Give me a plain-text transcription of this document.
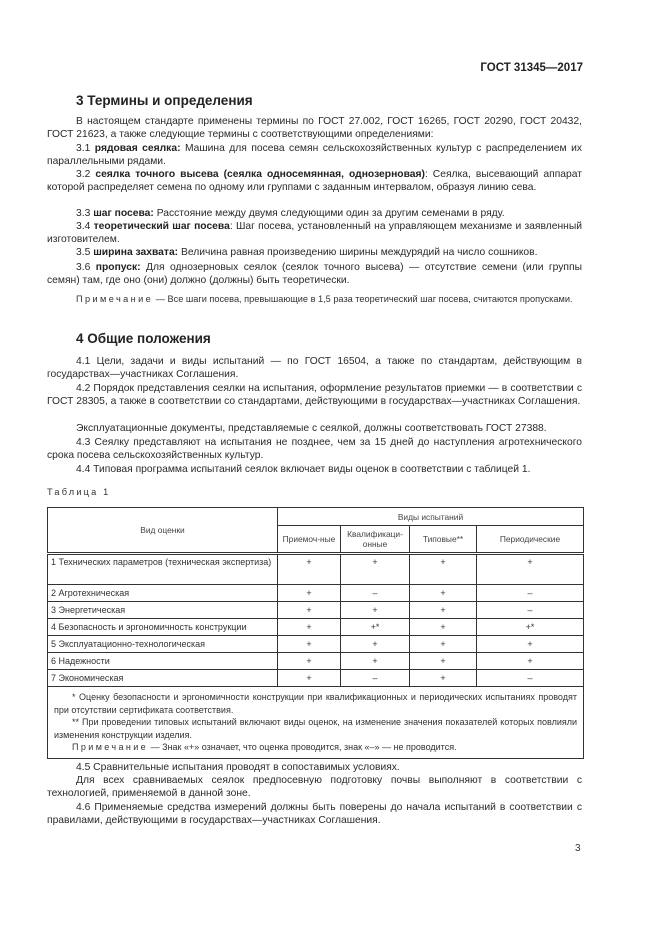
ГОСТ 31345—2017
3 Термины и определения
В настоящем стандарте применены термины по ГОСТ 27.002, ГОСТ 16265, ГОСТ 20290, ГОСТ 20432, ГОСТ 21623, а также следующие термины с соответствующими определениями:
3.1 рядовая сеялка: Машина для посева семян сельскохозяйственных культур с распределением их параллельными рядами.
3.2 сеялка точного высева (сеялка односемянная, однозерновая): Сеялка, высевающий аппарат которой распределяет семена по одному или группами с заданным интервалом, образуя линию сева.
3.3 шаг посева: Расстояние между двумя следующими один за другим семенами в ряду.
3.4 теоретический шаг посева: Шаг посева, установленный на управляющем механизме и заявленный изготовителем.
3.5 ширина захвата: Величина равная произведению ширины междурядий на число сошников.
3.6 пропуск: Для однозерновых сеялок (сеялок точного высева) — отсутствие семени (или группы семян) там, где оно (они) должно (должны) быть теоретически.
Примечание — Все шаги посева, превышающие в 1,5 раза теоретический шаг посева, считаются пропусками.
4 Общие положения
4.1 Цели, задачи и виды испытаний — по ГОСТ 16504, а также по стандартам, действующим в государствах—участниках Соглашения.
4.2 Порядок представления сеялки на испытания, оформление результатов приемки — в соответствии с ГОСТ 28305, а также в соответствии со стандартами, действующими в государствах—участниках Соглашения.
Эксплуатационные документы, представляемые с сеялкой, должны соответствовать ГОСТ 27388.
4.3 Сеялку представляют на испытания не позднее, чем за 15 дней до наступления агротехнического срока посева сельскохозяйственных культур.
4.4 Типовая программа испытаний сеялок включает виды оценок в соответствии с таблицей 1.
Таблица 1
Вид оценки	Виды испытаний			
	Приемоч-ные	Квалификаци-онные	Типовые**	Периодические
1 Технических параметров (техническая экспертиза)	+	+	+	+
2 Агротехническая	+	–	+	–
3 Энергетическая	+	+	+	–
4 Безопасность и эргономичность конструкции	+	+*	+	+*
5 Эксплуатационно-технологическая	+	+	+	+
6 Надежности	+	+	+	+
7 Экономическая	+	–	+	–

* Оценку безопасности и эргономичности конструкции при квалификационных и периодических испытаниях проводят при отсутствии сертификата соответствия.
** При проведении типовых испытаний включают виды оценок, на изменение значения показателей которых повлияли изменения конструкции изделия.
Примечание — Знак «+» означает, что оценка проводится, знак «–» — не проводится.				
4.5 Сравнительные испытания проводят в сопоставимых условиях.
Для всех сравниваемых сеялок предпосевную подготовку почвы выполняют в соответствии с технологией, применяемой в данной зоне.
4.6 Применяемые средства измерений должны быть поверены до начала испытаний в соответствии с правилами, действующими в государствах—участниках Соглашения.
3
